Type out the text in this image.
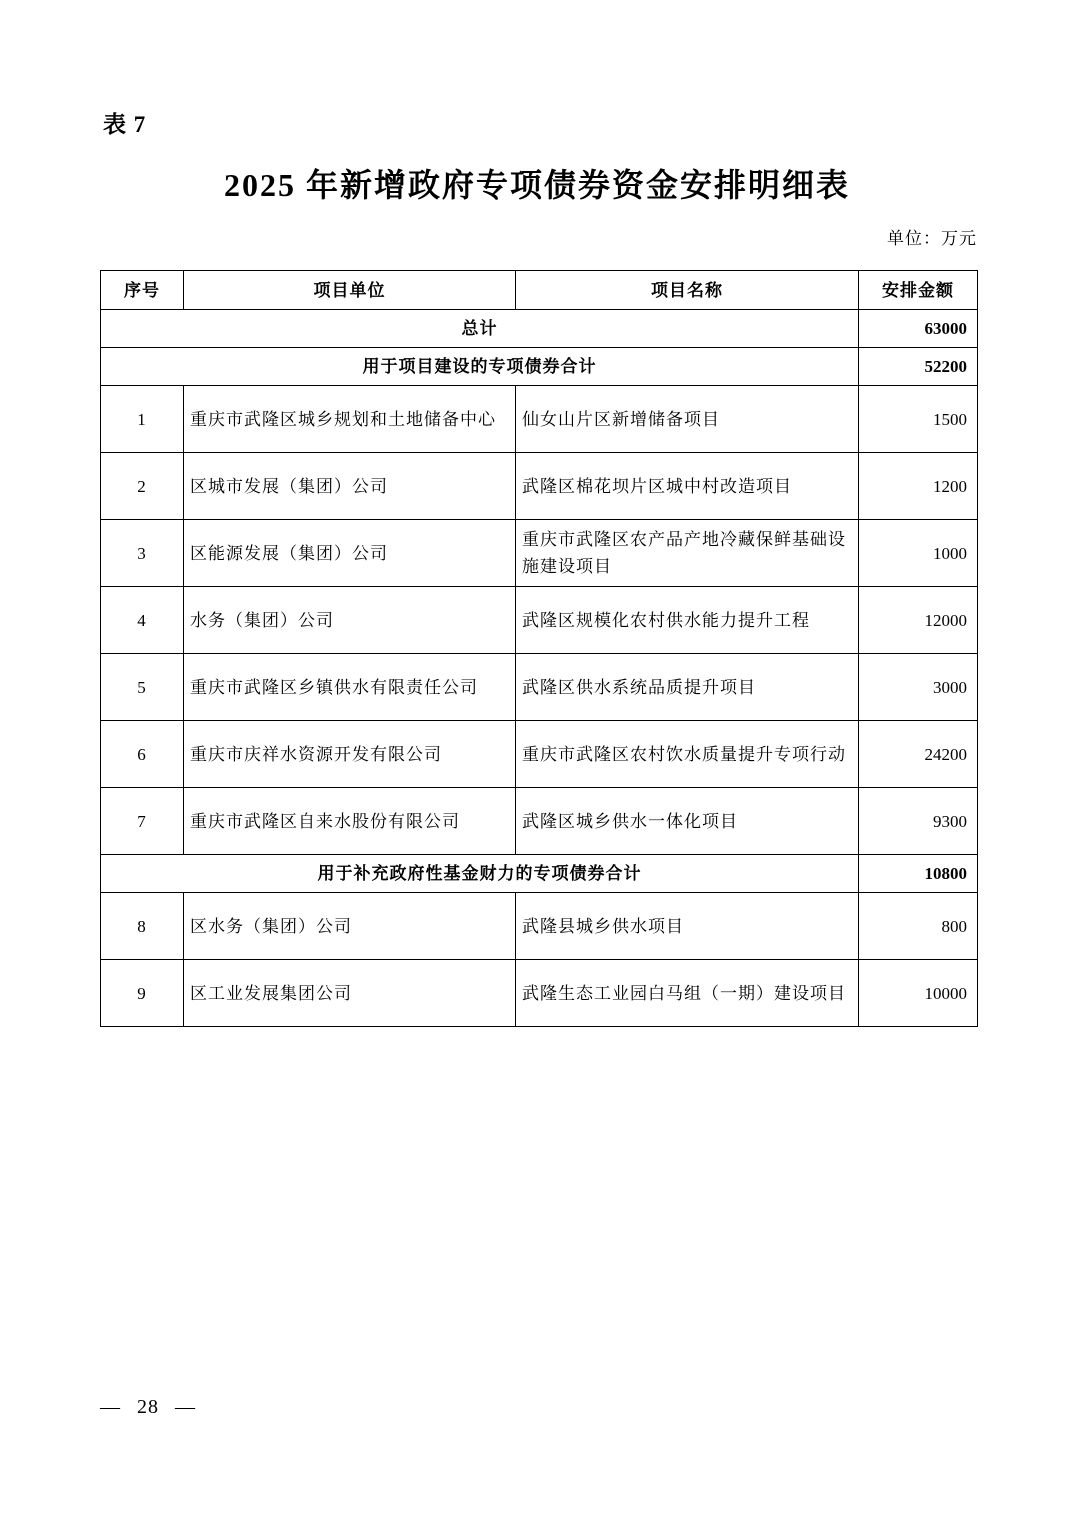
表 7
2025 年新增政府专项债券资金安排明细表
单位：万元
序号	项目单位	项目名称	安排金额
总计			63000
用于项目建设的专项债券合计			52200
1	重庆市武隆区城乡规划和土地储备中心	仙女山片区新增储备项目	1500
2	区城市发展（集团）公司	武隆区棉花坝片区城中村改造项目	1200
3	区能源发展（集团）公司	重庆市武隆区农产品产地冷藏保鲜基础设施建设项目	1000
4	水务（集团）公司	武隆区规模化农村供水能力提升工程	12000
5	重庆市武隆区乡镇供水有限责任公司	武隆区供水系统品质提升项目	3000
6	重庆市庆祥水资源开发有限公司	重庆市武隆区农村饮水质量提升专项行动	24200
7	重庆市武隆区自来水股份有限公司	武隆区城乡供水一体化项目	9300
用于补充政府性基金财力的专项债券合计			10800
8	区水务（集团）公司	武隆县城乡供水项目	800
9	区工业发展集团公司	武隆生态工业园白马组（一期）建设项目	10000
— 28 —
